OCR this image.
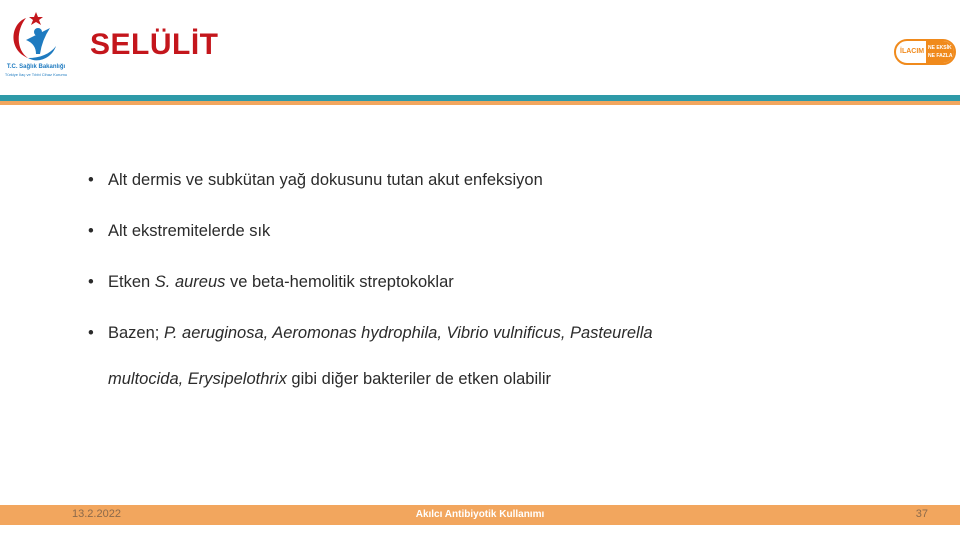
T.C. Sağlık Bakanlığı
Türkiye İlaç ve Tıbbi Cihaz Kurumu
SELÜLİT	İLACIM NE EKSİK
NE FAZLA
• Alt dermis ve subkütan yağ dokusunu tutan akut enfeksiyon
• Alt ekstremitelerde sık
• Etken S. aureus ve beta-hemolitik streptokoklar
• Bazen; P. aeruginosa, Aeromonas hydrophila, Vibrio vulnificus, Pasteurella
multocida, Erysipelothrix gibi diğer bakteriler de etken olabilir
13.2.2022	Akılcı Antibiyotik Kullanımı	37
